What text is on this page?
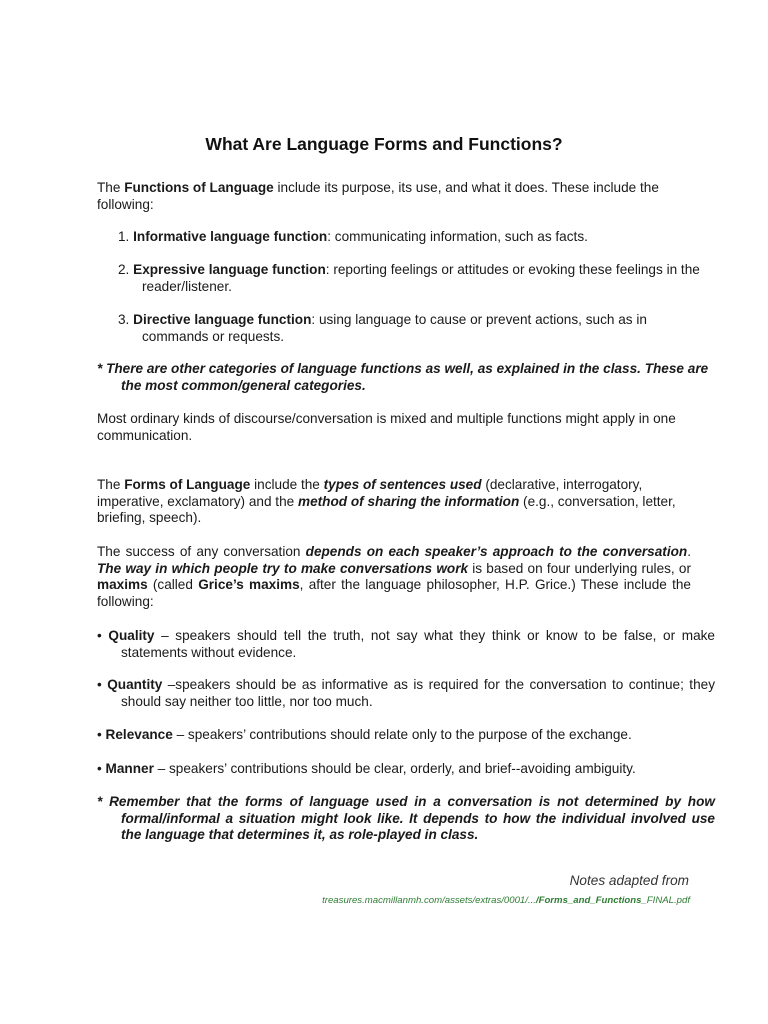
What Are Language Forms and Functions?

The Functions of Language include its purpose, its use, and what it does. These include the following:

1. Informative language function: communicating information, such as facts.

2. Expressive language function: reporting feelings or attitudes or evoking these feelings in the reader/listener.

3. Directive language function: using language to cause or prevent actions, such as in commands or requests.

* There are other categories of language functions as well, as explained in the class. These are the most common/general categories.

Most ordinary kinds of discourse/conversation is mixed and multiple functions might apply in one communication.

The Forms of Language include the types of sentences used (declarative, interrogatory, imperative, exclamatory) and the method of sharing the information (e.g., conversation, letter, briefing, speech).

The success of any conversation depends on each speaker’s approach to the conversation. The way in which people try to make conversations work is based on four underlying rules, or maxims (called Grice’s maxims, after the language philosopher, H.P. Grice.) These include the following:

• Quality – speakers should tell the truth, not say what they think or know to be false, or make statements without evidence.

• Quantity –speakers should be as informative as is required for the conversation to continue; they should say neither too little, nor too much.

• Relevance – speakers’ contributions should relate only to the purpose of the exchange.

• Manner – speakers’ contributions should be clear, orderly, and brief--avoiding ambiguity.

* Remember that the forms of language used in a conversation is not determined by how formal/informal a situation might look like. It depends to how the individual involved use the language that determines it, as role-played in class.

Notes adapted from
treasures.macmillanmh.com/assets/extras/0001/.../Forms_and_Functions_FINAL.pdf
